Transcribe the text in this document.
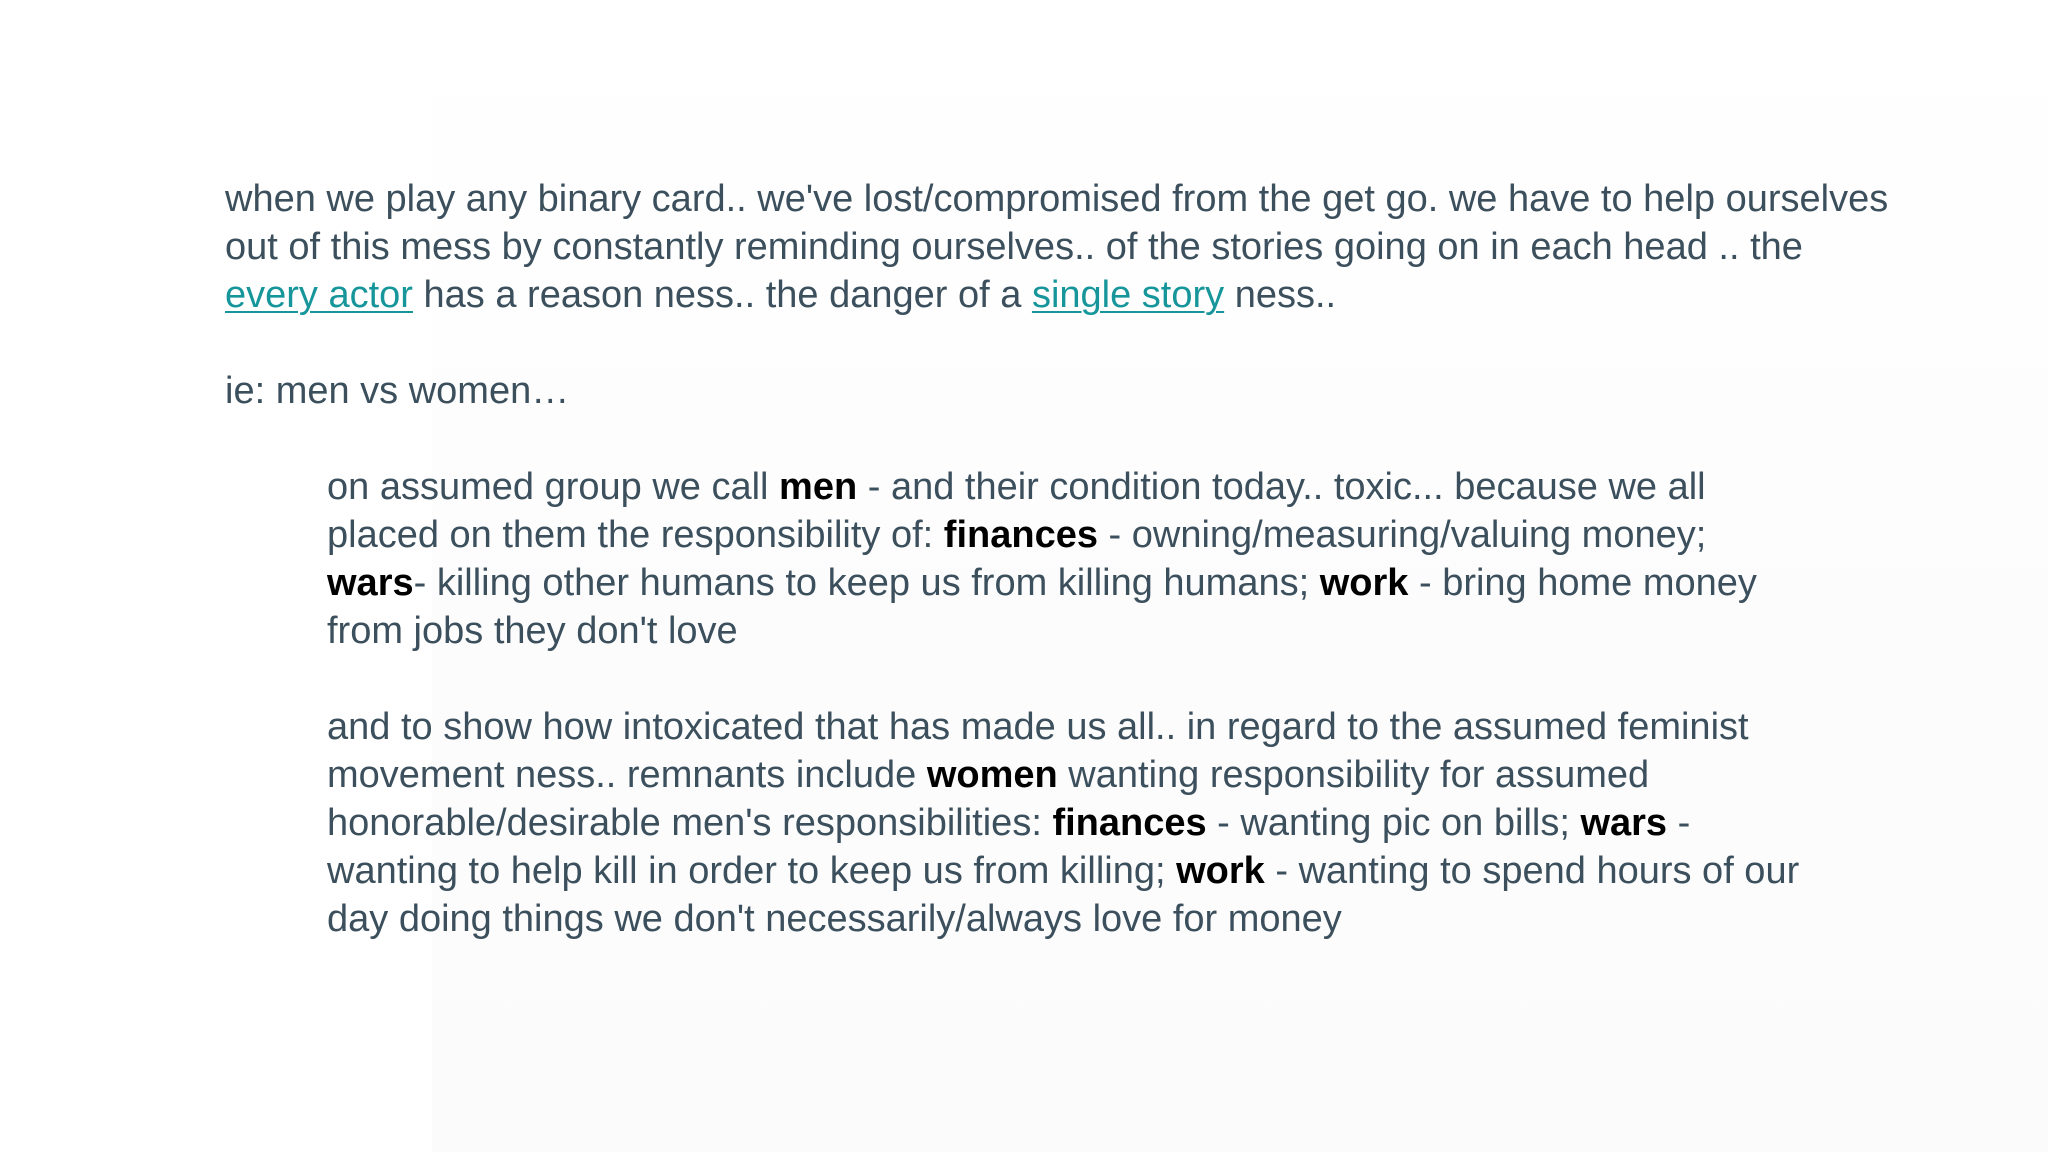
when we play any binary card.. we've lost/compromised from the get go. we have to help ourselves out of this mess by constantly reminding ourselves.. of the stories going on in each head .. the every actor has a reason ness.. the danger of a single story ness..

ie: men vs women…

on assumed group we call men - and their condition today.. toxic... because we all placed on them the responsibility of: finances - owning/measuring/valuing money; wars- killing other humans to keep us from killing humans; work - bring home money from jobs they don't love

and to show how intoxicated that has made us all.. in regard to the assumed feminist movement ness.. remnants include women wanting responsibility for assumed honorable/desirable men's responsibilities: finances - wanting pic on bills; wars - wanting to help kill in order to keep us from killing; work - wanting to spend hours of our day doing things we don't necessarily/always love for money
